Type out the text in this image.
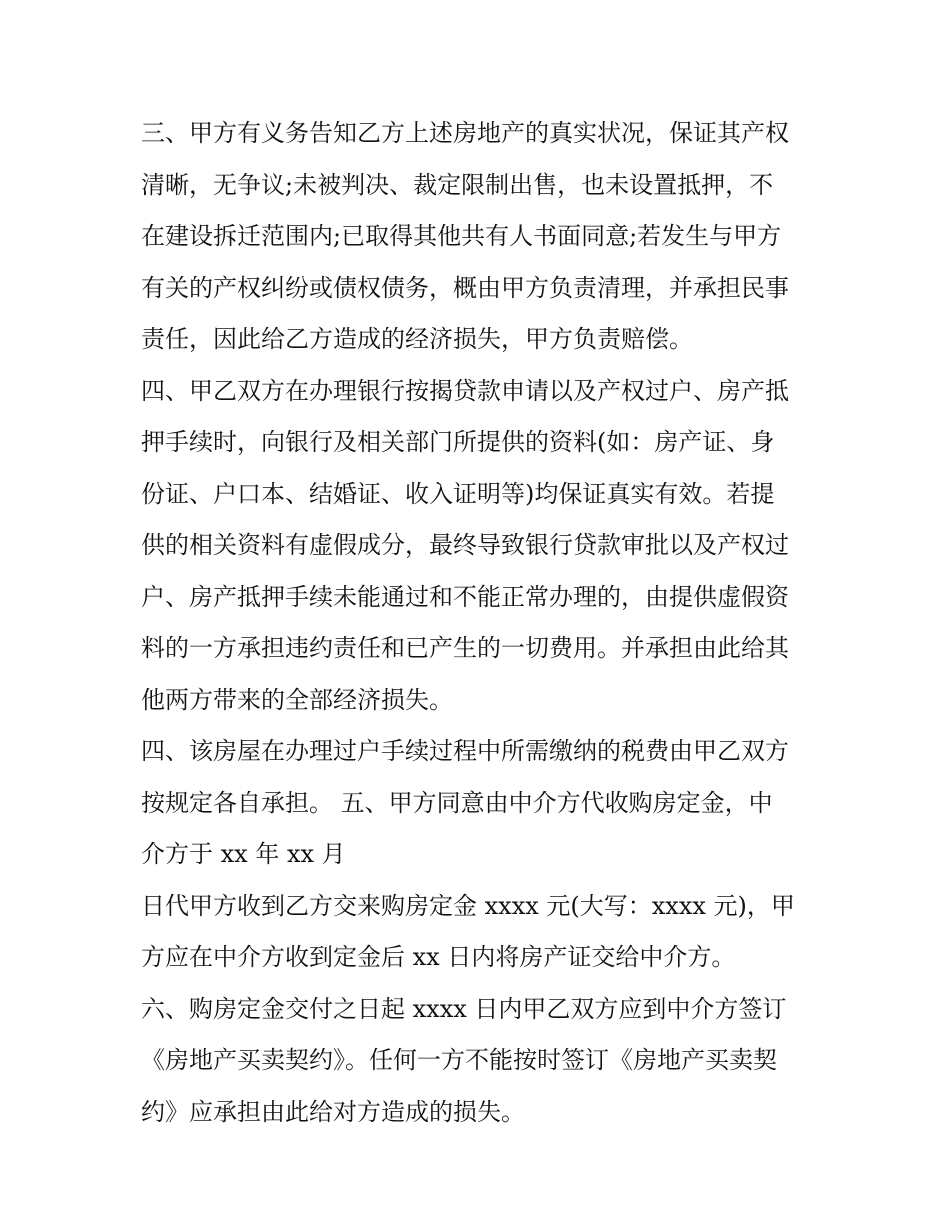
三、甲方有义务告知乙方上述房地产的真实状况，保证其产权
清晰，无争议;未被判决、裁定限制出售，也未设置抵押，不
在建设拆迁范围内;已取得其他共有人书面同意;若发生与甲方
有关的产权纠纷或债权债务，概由甲方负责清理，并承担民事
责任，因此给乙方造成的经济损失，甲方负责赔偿。
四、甲乙双方在办理银行按揭贷款申请以及产权过户、房产抵
押手续时，向银行及相关部门所提供的资料(如：房产证、身
份证、户口本、结婚证、收入证明等)均保证真实有效。若提
供的相关资料有虚假成分，最终导致银行贷款审批以及产权过
户、房产抵押手续未能通过和不能正常办理的，由提供虚假资
料的一方承担违约责任和已产生的一切费用。并承担由此给其
他两方带来的全部经济损失。
四、该房屋在办理过户手续过程中所需缴纳的税费由甲乙双方
按规定各自承担。 五、甲方同意由中介方代收购房定金，中
介方于 xx 年 xx 月
日代甲方收到乙方交来购房定金 xxxx 元(大写：xxxx 元)，甲
方应在中介方收到定金后 xx 日内将房产证交给中介方。
六、购房定金交付之日起 xxxx 日内甲乙双方应到中介方签订
《房地产买卖契约》。任何一方不能按时签订《房地产买卖契
约》应承担由此给对方造成的损失。
